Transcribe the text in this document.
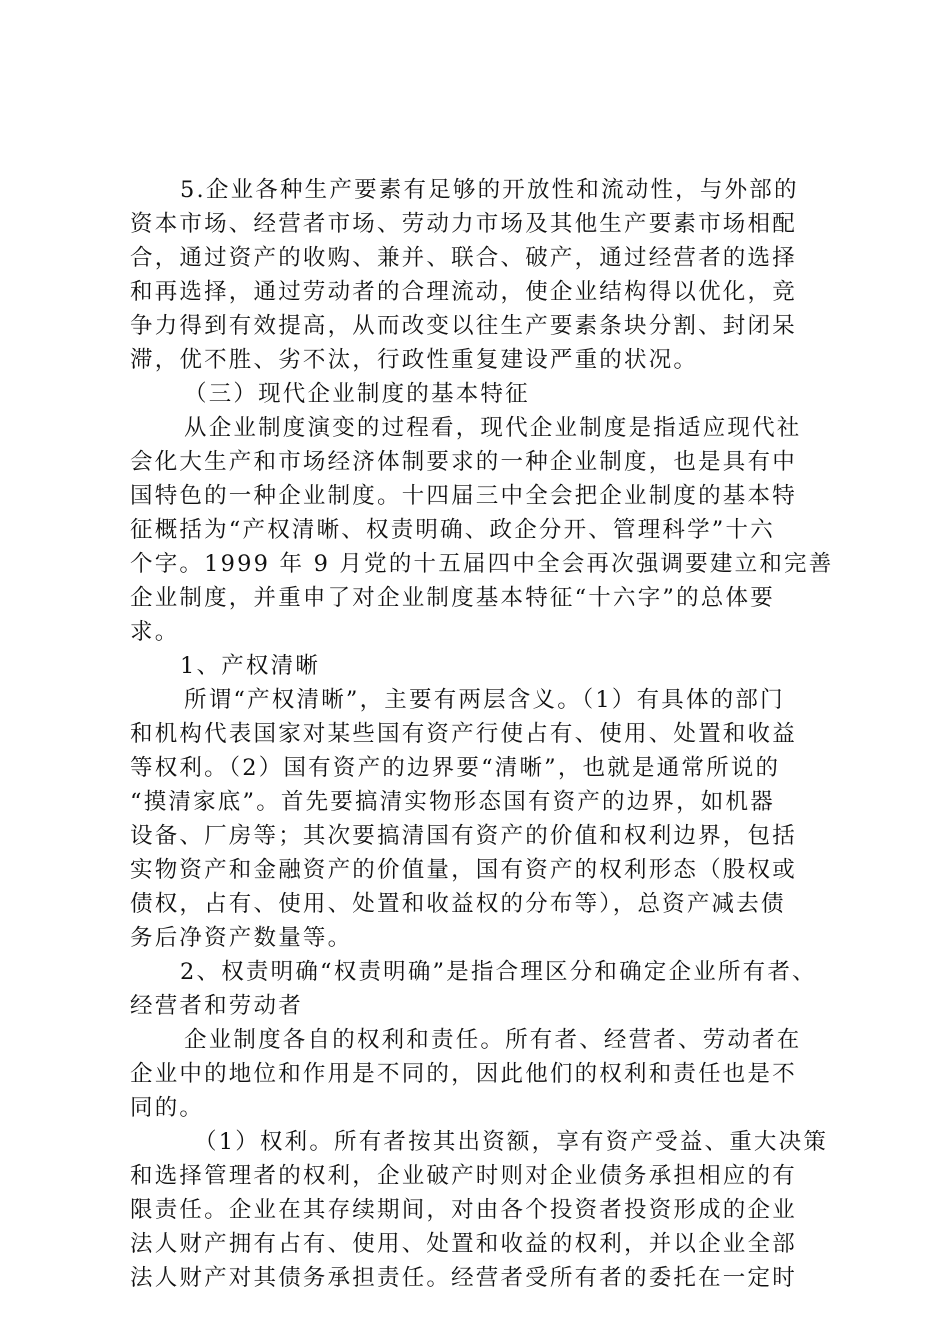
5.企业各种生产要素有足够的开放性和流动性，与外部的
资本市场、经营者市场、劳动力市场及其他生产要素市场相配
合，通过资产的收购、兼并、联合、破产，通过经营者的选择
和再选择，通过劳动者的合理流动，使企业结构得以优化，竞
争力得到有效提高，从而改变以往生产要素条块分割、封闭呆
滞，优不胜、劣不汰，行政性重复建设严重的状况。
（三）现代企业制度的基本特征
从企业制度演变的过程看，现代企业制度是指适应现代社
会化大生产和市场经济体制要求的一种企业制度，也是具有中
国特色的一种企业制度。十四届三中全会把企业制度的基本特
征概括为“产权清晰、权责明确、政企分开、管理科学”十六
个字。1999 年 9 月党的十五届四中全会再次强调要建立和完善
企业制度，并重申了对企业制度基本特征“十六字”的总体要
求。
1、产权清晰
所谓“产权清晰”，主要有两层含义。（1）有具体的部门
和机构代表国家对某些国有资产行使占有、使用、处置和收益
等权利。（2）国有资产的边界要“清晰”，也就是通常所说的
“摸清家底”。首先要搞清实物形态国有资产的边界，如机器
设备、厂房等；其次要搞清国有资产的价值和权利边界，包括
实物资产和金融资产的价值量，国有资产的权利形态（股权或
债权，占有、使用、处置和收益权的分布等），总资产减去债
务后净资产数量等。
2、权责明确“权责明确”是指合理区分和确定企业所有者、
经营者和劳动者
企业制度各自的权利和责任。所有者、经营者、劳动者在
企业中的地位和作用是不同的，因此他们的权利和责任也是不
同的。
（1）权利。所有者按其出资额，享有资产受益、重大决策
和选择管理者的权利，企业破产时则对企业债务承担相应的有
限责任。企业在其存续期间，对由各个投资者投资形成的企业
法人财产拥有占有、使用、处置和收益的权利，并以企业全部
法人财产对其债务承担责任。经营者受所有者的委托在一定时
